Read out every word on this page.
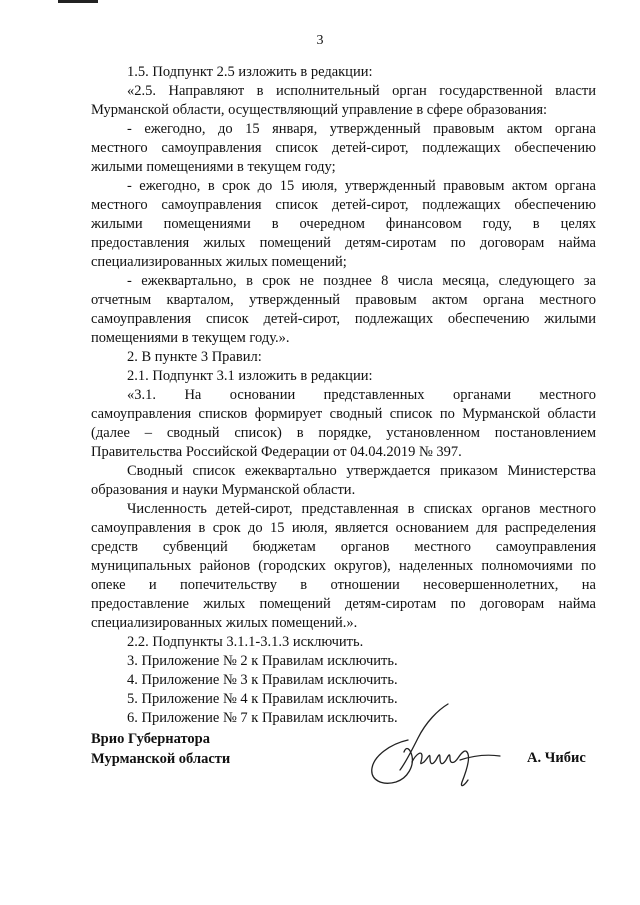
3
1.5. Подпункт 2.5 изложить в редакции:
«2.5. Направляют в исполнительный орган государственной власти
Мурманской области, осуществляющий управление в сфере образования:
- ежегодно, до 15 января, утвержденный правовым актом органа
местного самоуправления список детей-сирот, подлежащих обеспечению
жилыми помещениями в текущем году;
- ежегодно, в срок до 15 июля, утвержденный правовым актом органа
местного самоуправления список детей-сирот, подлежащих обеспечению
жилыми помещениями в очередном финансовом году, в целях
предоставления жилых помещений детям-сиротам по договорам найма
специализированных жилых помещений;
- ежеквартально, в срок не позднее 8 числа месяца, следующего за
отчетным кварталом, утвержденный правовым актом органа местного
самоуправления список детей-сирот, подлежащих обеспечению жилыми
помещениями в текущем году.».
2. В пункте 3 Правил:
2.1. Подпункт 3.1 изложить в редакции:
«3.1. На основании представленных органами местного
самоуправления списков формирует сводный список по Мурманской области
(далее – сводный список) в порядке, установленном постановлением
Правительства Российской Федерации от 04.04.2019 № 397.
Сводный список ежеквартально утверждается приказом Министерства
образования и науки Мурманской области.
Численность детей-сирот, представленная в списках органов местного
самоуправления в срок до 15 июля, является основанием для распределения
средств субвенций бюджетам органов местного самоуправления
муниципальных районов (городских округов), наделенных полномочиями по
опеке и попечительству в отношении несовершеннолетних, на
предоставление жилых помещений детям-сиротам по договорам найма
специализированных жилых помещений.».
2.2. Подпункты 3.1.1-3.1.3 исключить.
3. Приложение № 2 к Правилам исключить.
4. Приложение № 3 к Правилам исключить.
5. Приложение № 4 к Правилам исключить.
6. Приложение № 7 к Правилам исключить.
Врио Губернатора
Мурманской области	А. Чибис
